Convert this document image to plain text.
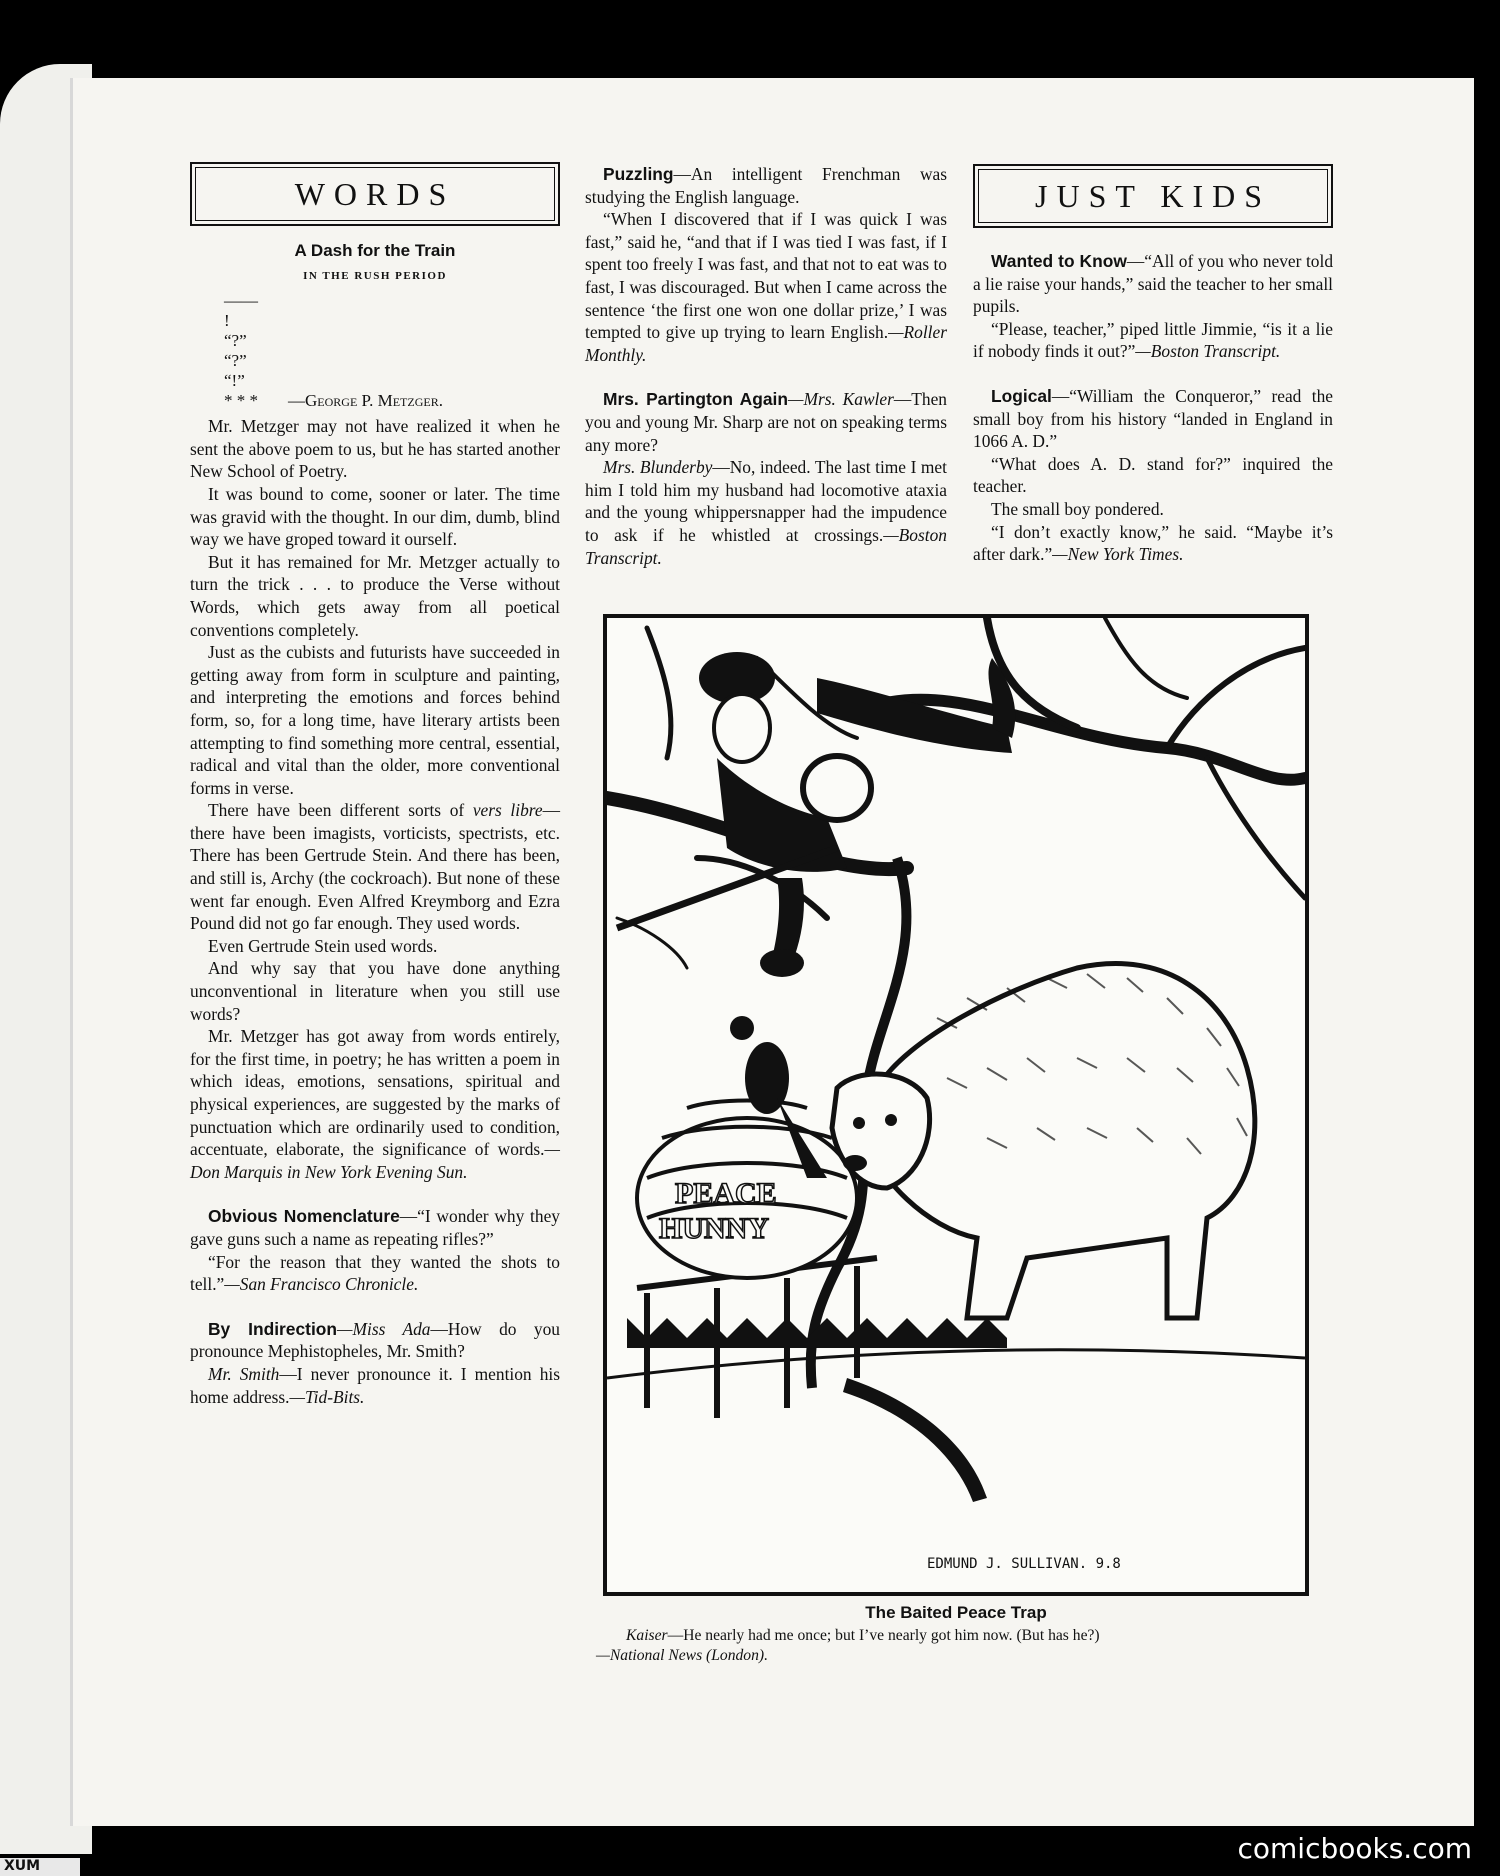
WORDS
A Dash for the Train
IN THE RUSH PERIOD
——
!
“?”
“?”
“!”
* * * —George P. Metzger.

Mr. Metzger may not have realized it when he sent the above poem to us, but he has started another New School of Poetry.

It was bound to come, sooner or later. The time was gravid with the thought. In our dim, dumb, blind way we have groped toward it ourself.

But it has remained for Mr. Metzger actually to turn the trick . . . to produce the Verse without Words, which gets away from all poetical conventions completely.

Just as the cubists and futurists have succeeded in getting away from form in sculpture and painting, and interpreting the emotions and forces behind form, so, for a long time, have literary artists been attempting to find something more central, essential, radical and vital than the older, more conventional forms in verse.

There have been different sorts of vers libre—there have been imagists, vorticists, spectrists, etc. There has been Gertrude Stein. And there has been, and still is, Archy (the cockroach). But none of these went far enough. Even Alfred Kreymborg and Ezra Pound did not go far enough. They used words.

Even Gertrude Stein used words.

And why say that you have done anything unconventional in literature when you still use words?

Mr. Metzger has got away from words entirely, for the first time, in poetry; he has written a poem in which ideas, emotions, sensations, spiritual and physical experiences, are suggested by the marks of punctuation which are ordinarily used to condition, accentuate, elaborate, the significance of words.—Don Marquis in New York Evening Sun.

Obvious Nomenclature—“I wonder why they gave guns such a name as repeating rifles?”

“For the reason that they wanted the shots to tell.”—San Francisco Chronicle.

By Indirection—Miss Ada—How do you pronounce Mephistopheles, Mr. Smith?

Mr. Smith—I never pronounce it. I mention his home address.—Tid-Bits.

Puzzling—An intelligent Frenchman was studying the English language.

“When I discovered that if I was quick I was fast,” said he, “and that if I was tied I was fast, if I spent too freely I was fast, and that not to eat was to fast, I was discouraged. But when I came across the sentence ‘the first one won one dollar prize,’ I was tempted to give up trying to learn English.—Roller Monthly.

Mrs. Partington Again—Mrs. Kawler—Then you and young Mr. Sharp are not on speaking terms any more?

Mrs. Blunderby—No, indeed. The last time I met him I told him my husband had locomotive ataxia and the young whippersnapper had the impudence to ask if he whistled at crossings.—Boston Transcript.

JUST KIDS

Wanted to Know—“All of you who never told a lie raise your hands,” said the teacher to her small pupils.

“Please, teacher,” piped little Jimmie, “is it a lie if nobody finds it out?”—Boston Transcript.

Logical—“William the Conqueror,” read the small boy from his history “landed in England in 1066 A. D.”

“What does A. D. stand for?” inquired the teacher.

The small boy pondered.

“I don’t exactly know,” he said. “Maybe it’s after dark.”—New York Times.

PEACE
HUNNY
EDMUND J. SULLIVAN. 9.8
The Baited Peace Trap
Kaiser—He nearly had me once; but I’ve nearly got him now. (But has he?)
—National News (London).
comicbooks.com
XUM
